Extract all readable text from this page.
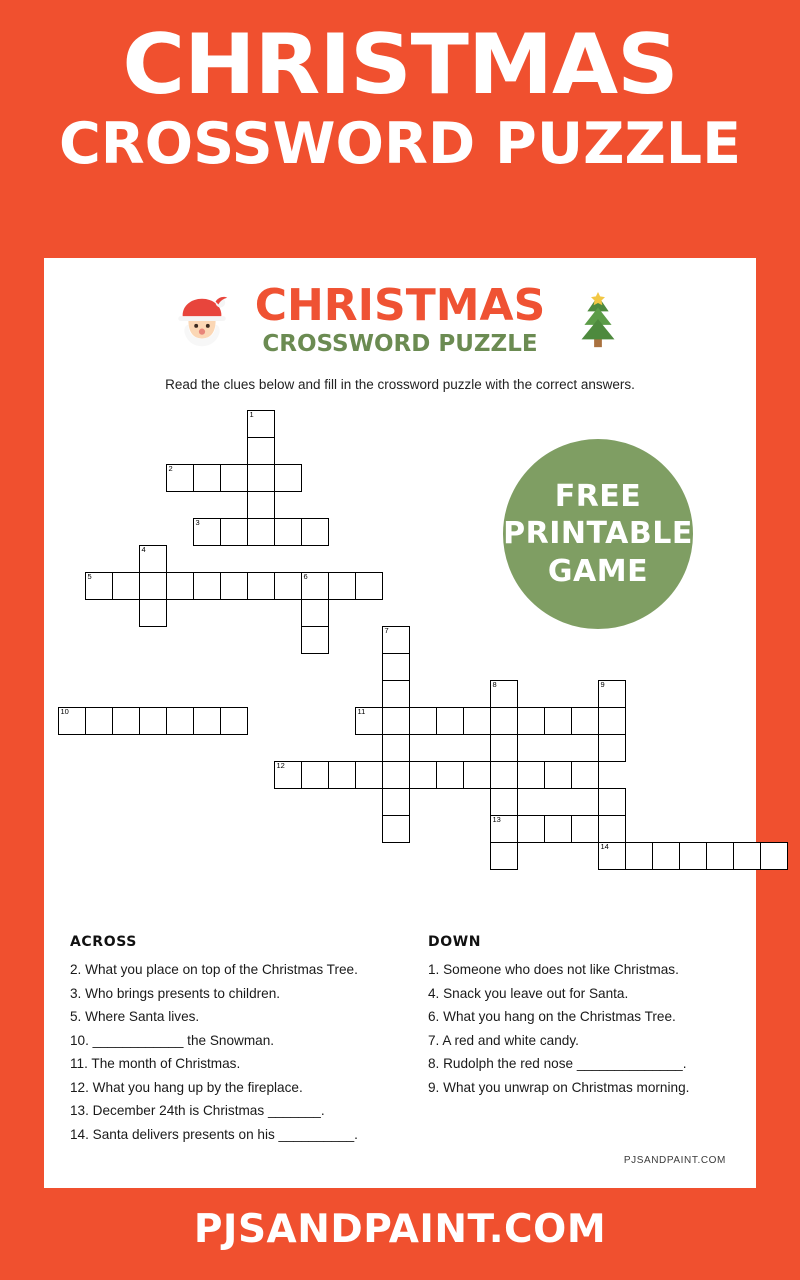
CHRISTMAS
CROSSWORD PUZZLE
CHRISTMAS
CROSSWORD PUZZLE
Read the clues below and fill in the crossword puzzle with the correct answers.
1
2
3
4
5	6
7
8	9
10	11
12
13
14
FREE
PRINTABLE
GAME
ACROSS
2. What you place on top of the Christmas Tree.
3. Who brings presents to children.
5. Where Santa lives.
10. ____________ the Snowman.
11. The month of Christmas.
12. What you hang up by the fireplace.
13. December 24th is Christmas _______.
14. Santa delivers presents on his __________.
DOWN
1. Someone who does not like Christmas.
4. Snack you leave out for Santa.
6. What you hang on the Christmas Tree.
7. A red and white candy.
8. Rudolph the red nose ______________.
9. What you unwrap on Christmas morning.
PJSANDPAINT.COM
PJSANDPAINT.COM
